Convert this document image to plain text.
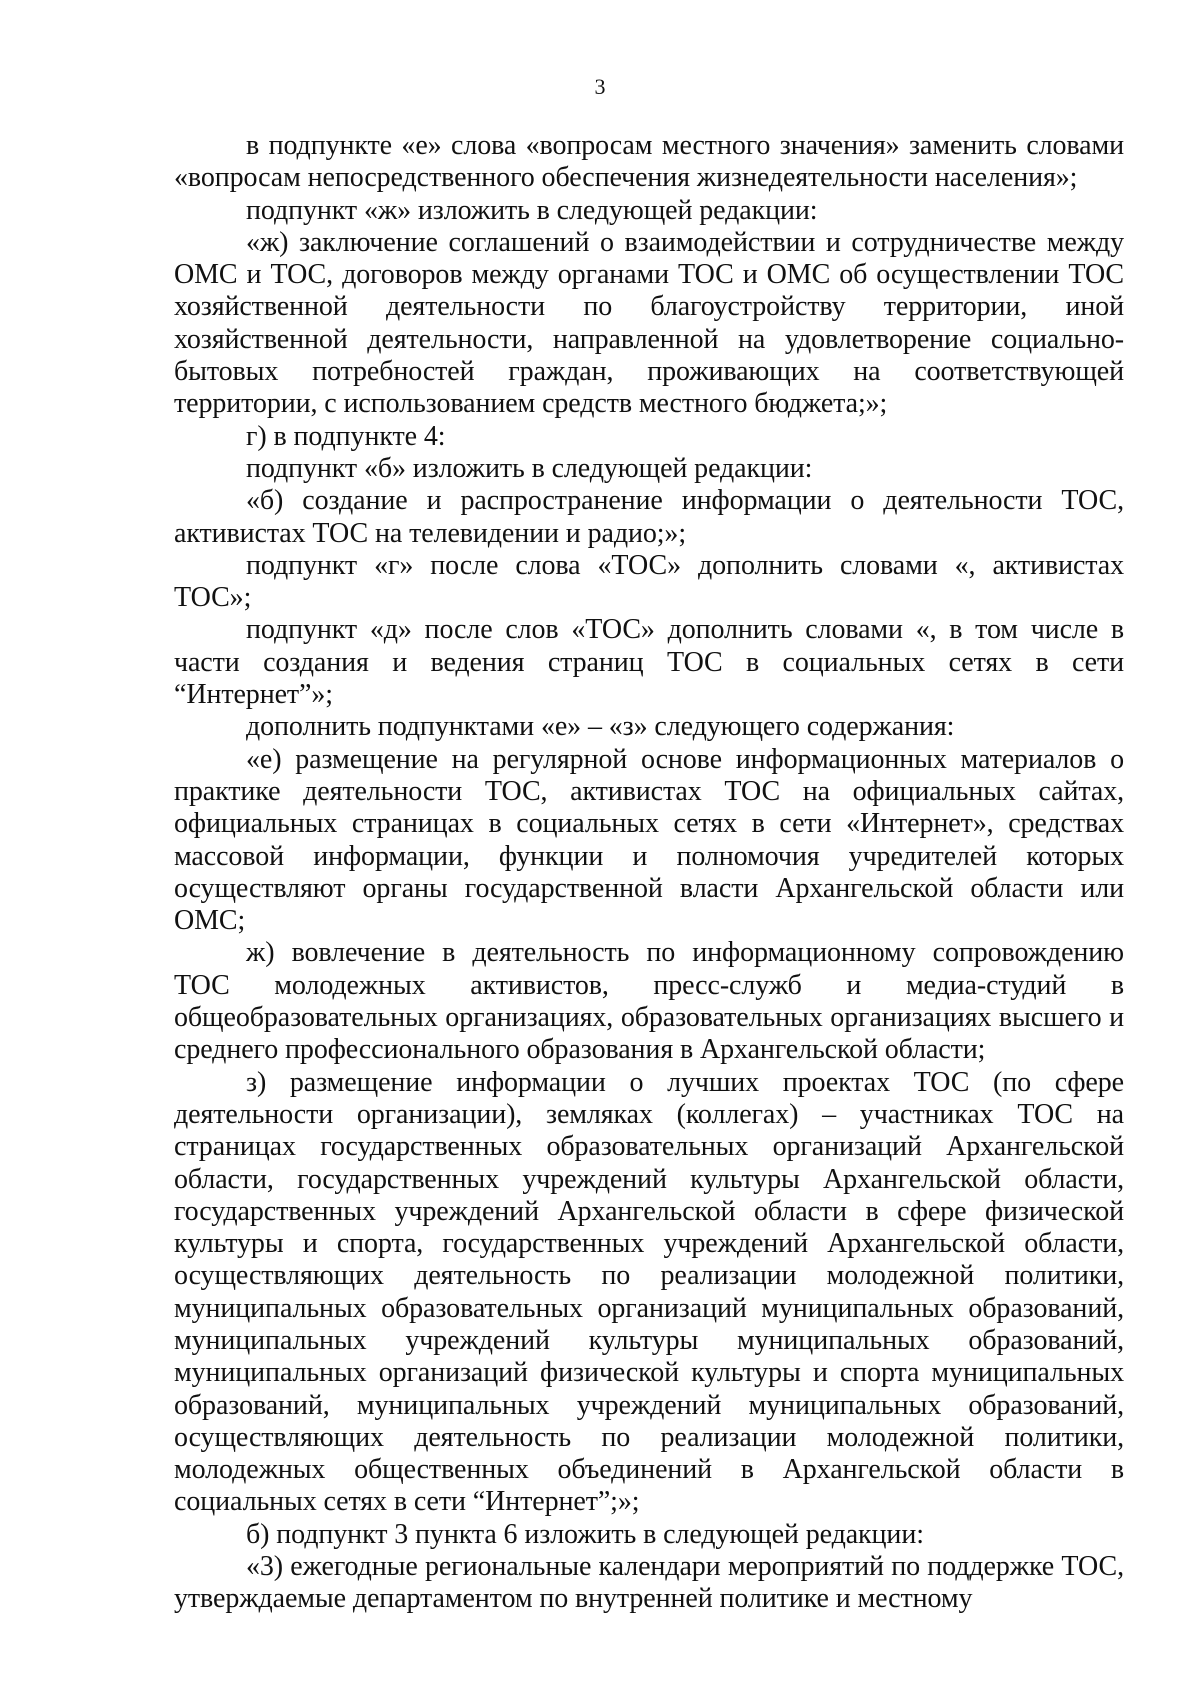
3

в подпункте «е» слова «вопросам местного значения» заменить словами «вопросам непосредственного обеспечения жизнедеятельности населения»;

подпункт «ж» изложить в следующей редакции:

«ж) заключение соглашений о взаимодействии и сотрудничестве между ОМС и ТОС, договоров между органами ТОС и ОМС об осуществлении ТОС хозяйственной деятельности по благоустройству территории, иной хозяйственной деятельности, направленной на удовлетворение социально-бытовых потребностей граждан, проживающих на соответствующей территории, с использованием средств местного бюджета;»;

г) в подпункте 4:

подпункт «б» изложить в следующей редакции:

«б) создание и распространение информации о деятельности ТОС, активистах ТОС на телевидении и радио;»;

подпункт «г» после слова «ТОС» дополнить словами «, активистах ТОС»;

подпункт «д» после слов «ТОС» дополнить словами «, в том числе в части создания и ведения страниц ТОС в социальных сетях в сети “Интернет”»;

дополнить подпунктами «е» – «з» следующего содержания:

«е) размещение на регулярной основе информационных материалов о практике деятельности ТОС, активистах ТОС на официальных сайтах, официальных страницах в социальных сетях в сети «Интернет», средствах массовой информации, функции и полномочия учредителей которых осуществляют органы государственной власти Архангельской области или ОМС;

ж) вовлечение в деятельность по информационному сопровождению ТОС молодежных активистов, пресс-служб и медиа-студий в общеобразовательных организациях, образовательных организациях высшего и среднего профессионального образования в Архангельской области;

з) размещение информации о лучших проектах ТОС (по сфере деятельности организации), земляках (коллегах) – участниках ТОС на страницах государственных образовательных организаций Архангельской области, государственных учреждений культуры Архангельской области, государственных учреждений Архангельской области в сфере физической культуры и спорта, государственных учреждений Архангельской области, осуществляющих деятельность по реализации молодежной политики, муниципальных образовательных организаций муниципальных образований, муниципальных учреждений культуры муниципальных образований, муниципальных организаций физической культуры и спорта муниципальных образований, муниципальных учреждений муниципальных образований, осуществляющих деятельность по реализации молодежной политики, молодежных общественных объединений в Архангельской области в социальных сетях в сети “Интернет”;»;

б) подпункт 3 пункта 6 изложить в следующей редакции:

«3) ежегодные региональные календари мероприятий по поддержке ТОС, утверждаемые департаментом по внутренней политике и местному
